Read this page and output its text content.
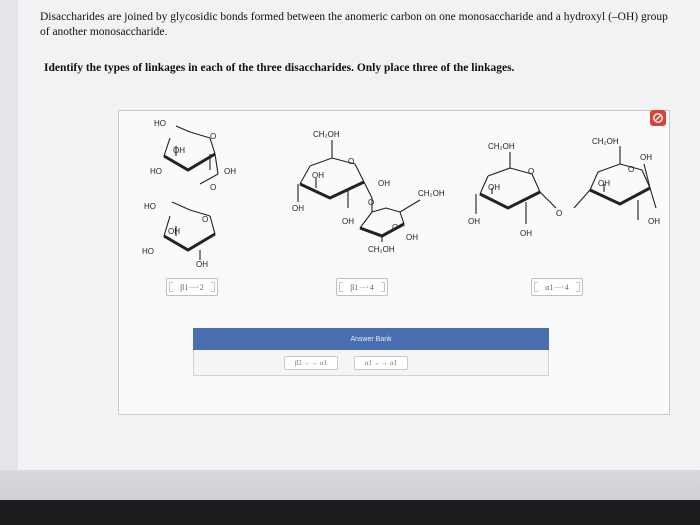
Disaccharides are joined by glycosidic bonds formed between the anomeric carbon on one monosaccharide and a hydroxyl (–OH) group of another monosaccharide.
Identify the types of linkages in each of the three disaccharides. Only place three of the linkages.
HO
OH
HO	OH
O
O
HO
OH
O
HO
OH
CH₂OH
O
OH
OH
OH
OH
O
CH₂OH
O
OH
CH₂OH
CH₂OH
O
OH
OH
OH
O
CH₂OH
O
OH
OH
OH
β1 —› 2	β1 —› 4	α1 —› 4
Answer Bank
β2 ←→ α1	α1 ←→ α1
